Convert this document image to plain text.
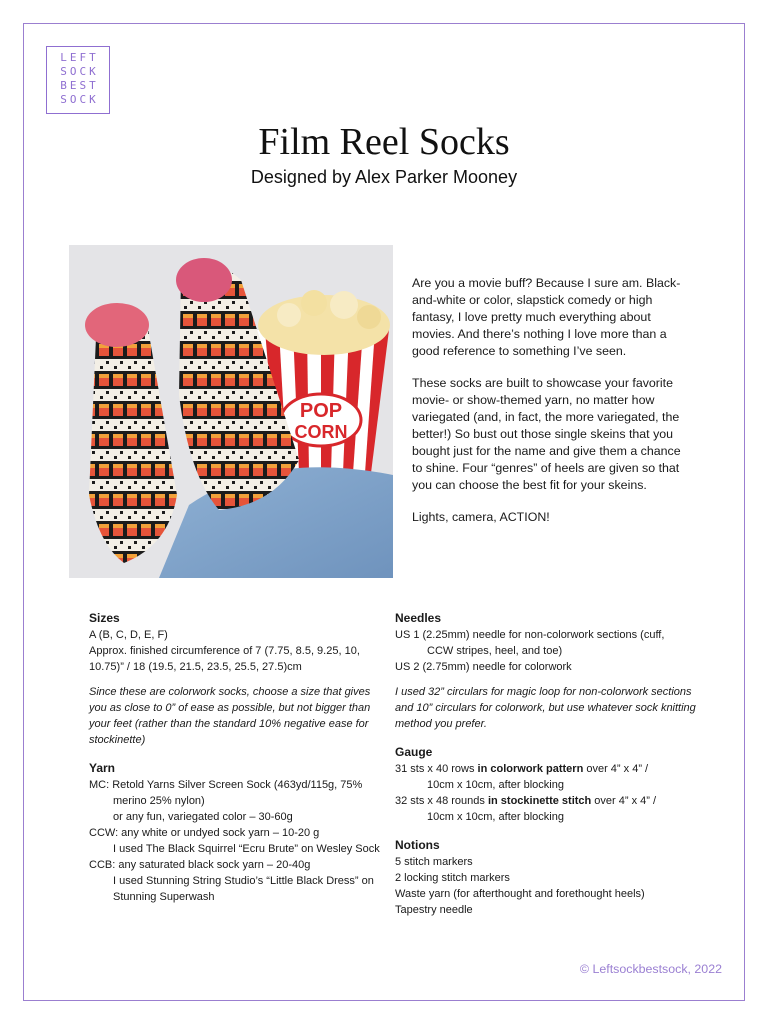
LEFT
SOCK
BEST
SOCK
Film Reel Socks
Designed by Alex Parker Mooney
POP
CORN

Are you a movie buff? Because I sure am. Black-and-white or color, slapstick comedy or high fantasy, I love pretty much everything about movies. And there’s nothing I love more than a good reference to something I’ve seen.

These socks are built to showcase your favorite movie- or show-themed yarn, no matter how variegated (and, in fact, the more variegated, the better!) So bust out those single skeins that you bought just for the name and give them a chance to shine. Four “genres” of heels are given so that you can choose the best fit for your skeins.

Lights, camera, ACTION!

Sizes
A (B, C, D, E, F)
Approx. finished circumference of 7 (7.75, 8.5, 9.25, 10, 10.75)” / 18 (19.5, 21.5, 23.5, 25.5, 27.5)cm
Since these are colorwork socks, choose a size that gives you as close to 0” of ease as possible, but not bigger than your feet (rather than the standard 10% negative ease for stockinette)
Yarn
MC: Retold Yarns Silver Screen Sock (463yd/115g, 75%
merino 25% nylon)
or any fun, variegated color – 30-60g
CCW: any white or undyed sock yarn – 10-20 g
I used The Black Squirrel “Ecru Brute” on Wesley Sock
CCB: any saturated black sock yarn – 20-40g
I used Stunning String Studio’s “Little Black Dress” on Stunning Superwash
Needles
US 1 (2.25mm) needle for non-colorwork sections (cuff,
CCW stripes, heel, and toe)
US 2 (2.75mm) needle for colorwork
I used 32” circulars for magic loop for non-colorwork sections and 10” circulars for colorwork, but use whatever sock knitting method you prefer.
Gauge
31 sts x 40 rows in colorwork pattern over 4” x 4” /
10cm x 10cm, after blocking
32 sts x 48 rounds in stockinette stitch over 4” x 4” /
10cm x 10cm, after blocking
Notions
5 stitch markers
2 locking stitch markers
Waste yarn (for afterthought and forethought heels)
Tapestry needle
© Leftsockbestsock, 2022
